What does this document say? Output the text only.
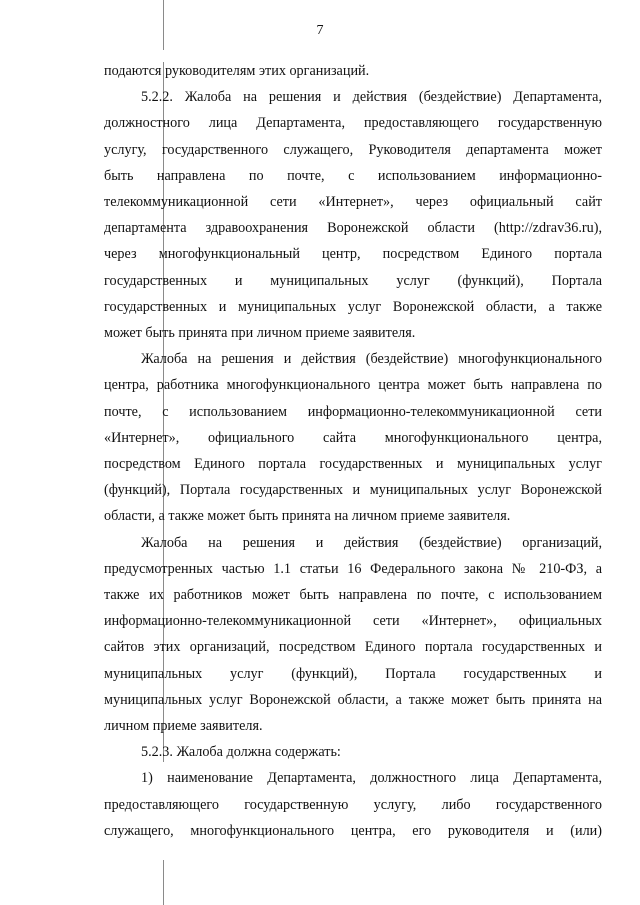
7

подаются руководителям этих организаций.

5.2.2. Жалоба на решения и действия (бездействие) Департамента,

должностного лица Департамента, предоставляющего государственную

услугу, государственного служащего, Руководителя департамента может

быть направлена по почте, с использованием информационно-

телекоммуникационной сети «Интернет», через официальный сайт

департамента здравоохранения Воронежской области (http://zdrav36.ru),

через многофункциональный центр, посредством Единого портала

государственных и муниципальных услуг (функций), Портала

государственных и муниципальных услуг Воронежской области, а также

может быть принята при личном приеме заявителя.

Жалоба на решения и действия (бездействие) многофункционального

центра, работника многофункционального центра может быть направлена по

почте, с использованием информационно-телекоммуникационной сети

«Интернет», официального сайта многофункционального центра,

посредством Единого портала государственных и муниципальных услуг

(функций), Портала государственных и муниципальных услуг Воронежской

области, а также может быть принята на личном приеме заявителя.

Жалоба на решения и действия (бездействие) организаций,

предусмотренных частью 1.1 статьи 16 Федерального закона № 210-ФЗ, а

также их работников может быть направлена по почте, с использованием

информационно-телекоммуникационной сети «Интернет», официальных

сайтов этих организаций, посредством Единого портала государственных и

муниципальных услуг (функций), Портала государственных и

муниципальных услуг Воронежской области, а также может быть принята на

личном приеме заявителя.

5.2.3. Жалоба должна содержать:

1) наименование Департамента, должностного лица Департамента,

предоставляющего государственную услугу, либо государственного

служащего, многофункционального центра, его руководителя и (или)
